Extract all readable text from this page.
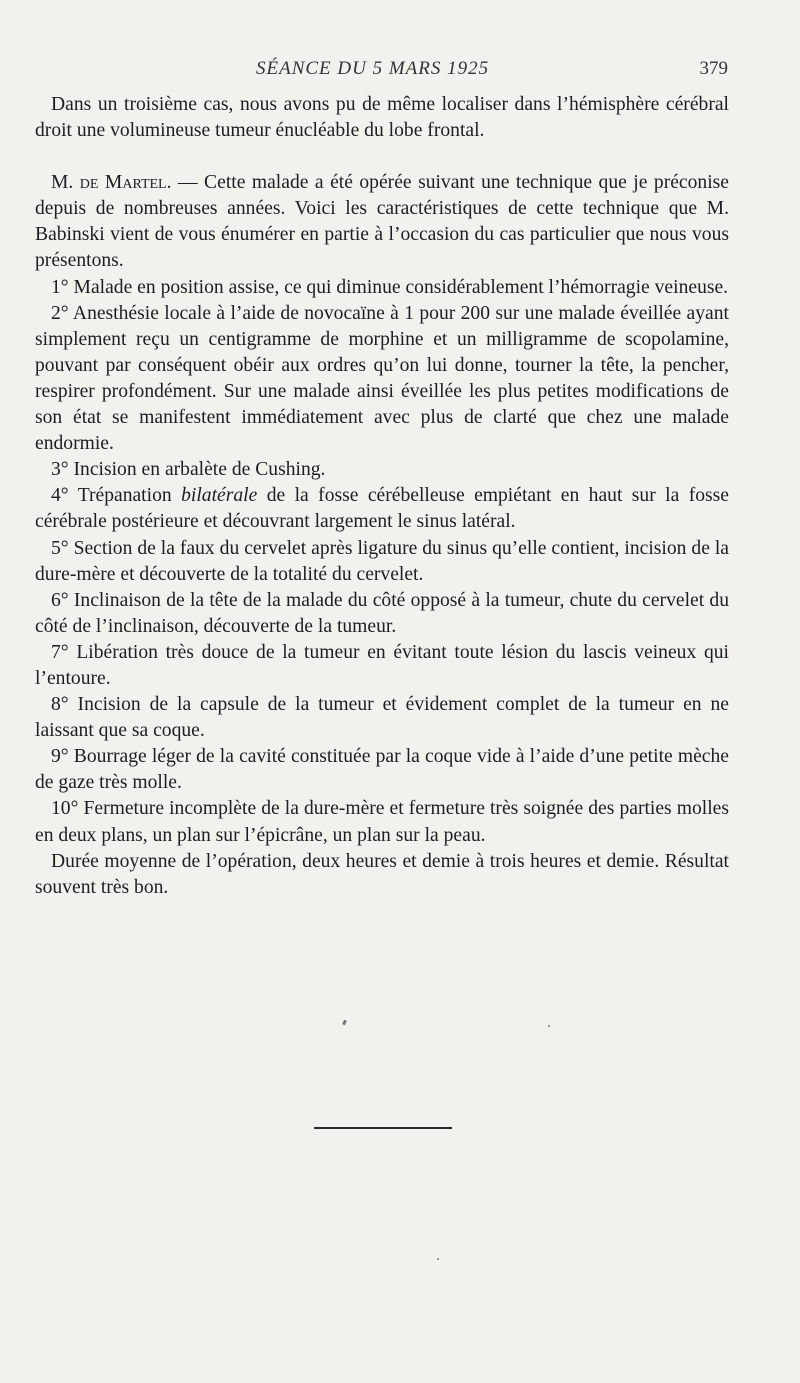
SÉANCE DU 5 MARS 1925	379

Dans un troisième cas, nous avons pu de même localiser dans l’hémisphère cérébral droit une volumineuse tumeur énucléable du lobe frontal.

M. de Martel. — Cette malade a été opérée suivant une technique que je préconise depuis de nombreuses années. Voici les caractéristiques de cette technique que M. Babinski vient de vous énumérer en partie à l’occasion du cas particulier que nous vous présentons.

1° Malade en position assise, ce qui diminue considérablement l’hémorragie veineuse.

2° Anesthésie locale à l’aide de novocaïne à 1 pour 200 sur une malade éveillée ayant simplement reçu un centigramme de morphine et un milligramme de scopolamine, pouvant par conséquent obéir aux ordres qu’on lui donne, tourner la tête, la pencher, respirer profondément. Sur une malade ainsi éveillée les plus petites modifications de son état se manifestent immédiatement avec plus de clarté que chez une malade endormie.

3° Incision en arbalète de Cushing.

4° Trépanation bilatérale de la fosse cérébelleuse empiétant en haut sur la fosse cérébrale postérieure et découvrant largement le sinus latéral.

5° Section de la faux du cervelet après ligature du sinus qu’elle contient, incision de la dure-mère et découverte de la totalité du cervelet.

6° Inclinaison de la tête de la malade du côté opposé à la tumeur, chute du cervelet du côté de l’inclinaison, découverte de la tumeur.

7° Libération très douce de la tumeur en évitant toute lésion du lascis veineux qui l’entoure.

8° Incision de la capsule de la tumeur et évidement complet de la tumeur en ne laissant que sa coque.

9° Bourrage léger de la cavité constituée par la coque vide à l’aide d’une petite mèche de gaze très molle.

10° Fermeture incomplète de la dure-mère et fermeture très soignée des parties molles en deux plans, un plan sur l’épicrâne, un plan sur la peau.

Durée moyenne de l’opération, deux heures et demie à trois heures et demie. Résultat souvent très bon.
